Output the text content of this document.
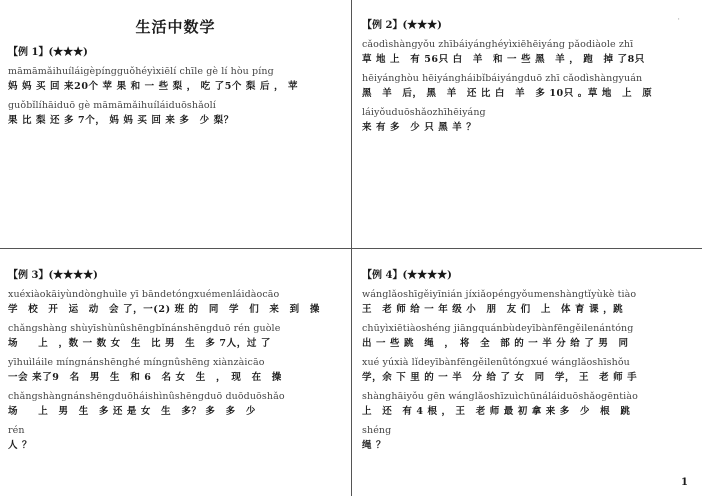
'
生活中数学
【例 1】(★★★)
māmāmǎihuíláigèpíngguǒhéyìxiēlí chīle gè lí hòu píng
妈 妈 买 回 来20个 苹 果 和 一 些 梨 ， 吃 了5个 梨 后 ， 苹
guǒbǐlíhāiduō gè māmāmǎihuíláiduōshǎolí
果 比 梨 还 多 7个， 妈 妈 买 回 来 多　少 梨？
【例 2】(★★★)
cǎodìshàngyǒu zhībáiyánghéyìxiēhēiyáng pǎodiàole zhī
草 地 上　有 56只 白　羊　和 一 些 黑　羊 ， 跑　掉 了8只
hēiyánghòu hēiyángháibǐbáiyángduō zhī cǎodìshàngyuán
黑　羊　后， 黑　羊　还 比 白　羊　多 10只 。草 地　上　原
láiyǒuduōshǎozhīhēiyáng
来 有 多　少 只 黑 羊 ？
【例 3】(★★★★)
xuéxiàokāiyùndònghuìle yī bāndetóngxuémenláidàocāo
学　校　开　运　动　会 了，一(2) 班 的　同　学　们　来　到　操
chǎngshàng shùyīshùnǚshēngbǐnánshēngduō rén guòle
场　　上　，数 一 数 女　生　比 男　生　多 7人，过 了
yīhuìláile míngnánshēnghé míngnǚshēng xiànzàicāo
一会 来了9　名　男　生　和 6　名 女　生　，　现　在　操
chǎngshàngnánshēngduōháishìnǚshēngduō duōduōshǎo
场　　上　男　生　多 还 是 女　生　多？ 多　多　少
rén
人 ？
【例 4】(★★★★)
wánglǎoshīgěiyīnián jíxiǎopéngyǒumenshàngtǐyùkè tiào
王　老 师 给 一 年 级 小　朋　友 们　上　体 育 课 ，跳
chūyìxiētiàoshéng jiāngquánbùdeyībànfēngěilenántóng
出 一 些 跳　绳　，　将　全　部 的 一 半 分 给 了 男　同
xué yúxià lǐdeyībànfēngěilenǚtóngxué wánglǎoshīshǒu
学，余 下 里 的 一 半　分 给 了 女　同　学， 王　老 师 手
shànghāiyǒu gēn wánglǎoshīzuìchūnáláiduōshǎogēntiào
上　还　有 4 根 ， 王　老 师 最 初 拿 来 多　少　根　跳
shéng
绳 ？
1
